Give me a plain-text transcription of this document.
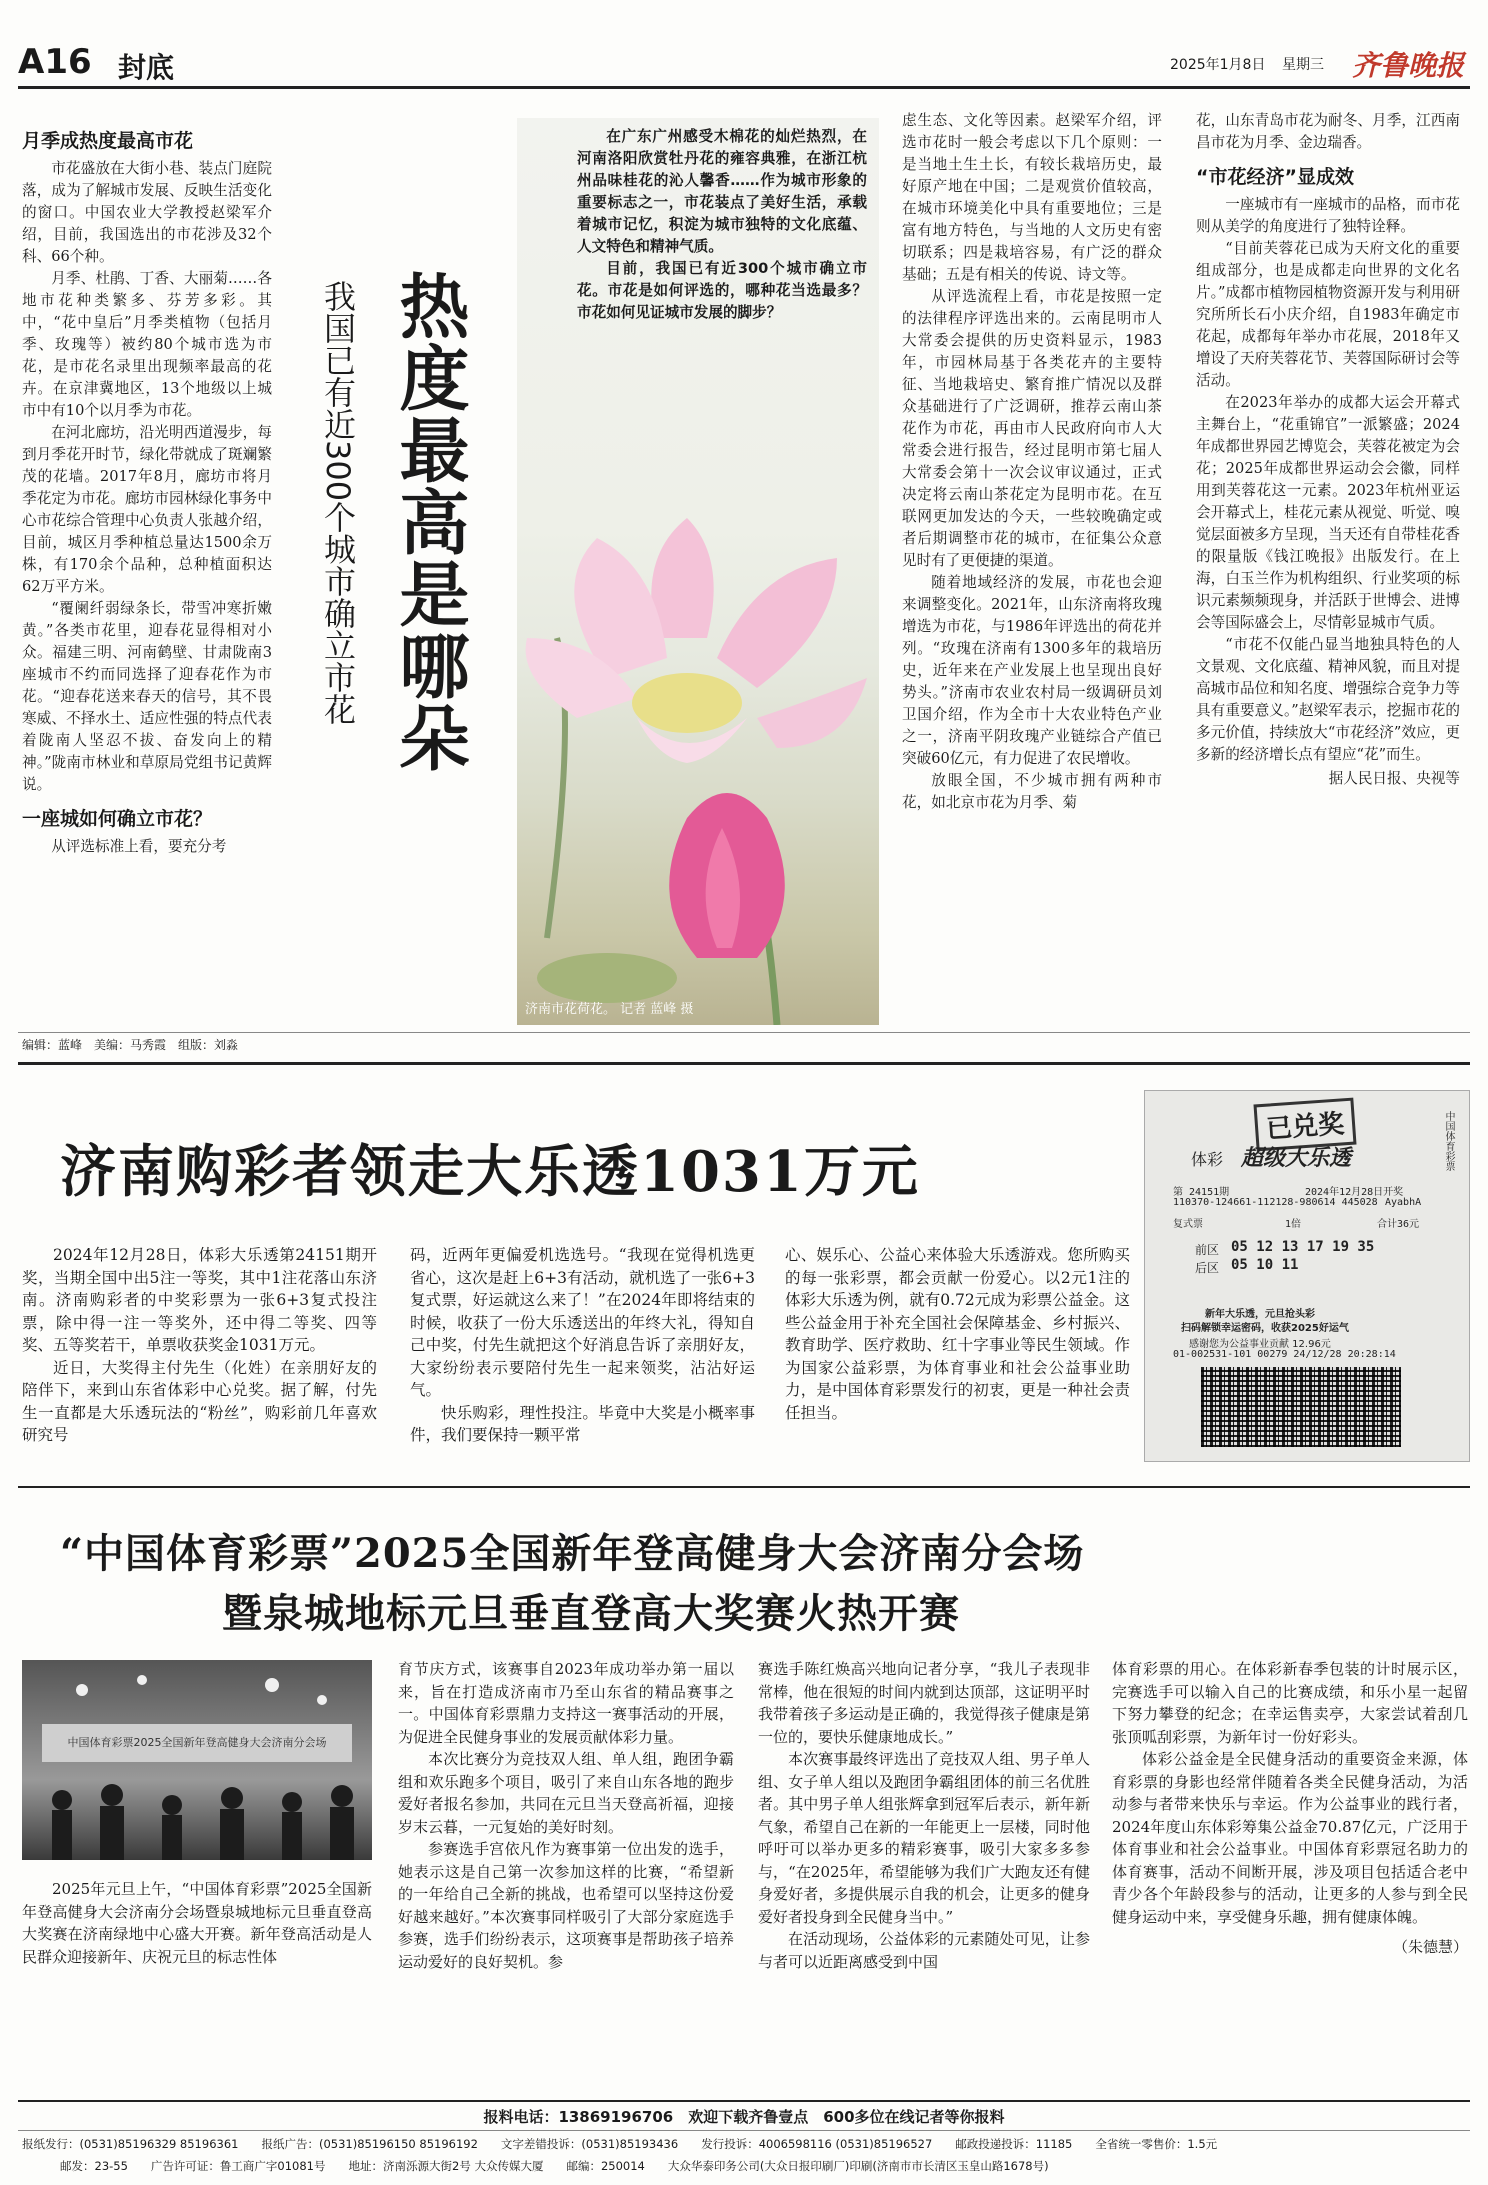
A16 封底	2025年1月8日 星期三 齐鲁晚报
月季成热度最高市花

市花盛放在大街小巷、装点门庭院落，成为了解城市发展、反映生活变化的窗口。中国农业大学教授赵梁军介绍，目前，我国选出的市花涉及32个科、66个种。

月季、杜鹃、丁香、大丽菊……各地市花种类繁多、芬芳多彩。其中，“花中皇后”月季类植物（包括月季、玫瑰等）被约80个城市选为市花，是市花名录里出现频率最高的花卉。在京津冀地区，13个地级以上城市中有10个以月季为市花。

在河北廊坊，沿光明西道漫步，每到月季花开时节，绿化带就成了斑斓繁茂的花墙。2017年8月，廊坊市将月季花定为市花。廊坊市园林绿化事务中心市花综合管理中心负责人张越介绍，目前，城区月季种植总量达1500余万株，有170余个品种，总种植面积达62万平方米。

“覆阑纤弱绿条长，带雪冲寒折嫩黄。”各类市花里，迎春花显得相对小众。福建三明、河南鹤壁、甘肃陇南3座城市不约而同选择了迎春花作为市花。“迎春花送来春天的信号，其不畏寒威、不择水土、适应性强的特点代表着陇南人坚忍不拔、奋发向上的精神。”陇南市林业和草原局党组书记黄辉说。

一座城如何确立市花？

从评选标准上看，要充分考

热度最高是哪朵
我国已有近300个城市确立市花

在广东广州感受木棉花的灿烂热烈，在河南洛阳欣赏牡丹花的雍容典雅，在浙江杭州品味桂花的沁人馨香……作为城市形象的重要标志之一，市花装点了美好生活，承载着城市记忆，积淀为城市独特的文化底蕴、人文特色和精神气质。

目前，我国已有近300个城市确立市花。市花是如何评选的，哪种花当选最多？市花如何见证城市发展的脚步？

济南市花荷花。 记者 蓝峰 摄

虑生态、文化等因素。赵梁军介绍，评选市花时一般会考虑以下几个原则：一是当地土生土长，有较长栽培历史，最好原产地在中国；二是观赏价值较高，在城市环境美化中具有重要地位；三是富有地方特色，与当地的人文历史有密切联系；四是栽培容易，有广泛的群众基础；五是有相关的传说、诗文等。

从评选流程上看，市花是按照一定的法律程序评选出来的。云南昆明市人大常委会提供的历史资料显示，1983年，市园林局基于各类花卉的主要特征、当地栽培史、繁育推广情况以及群众基础进行了广泛调研，推荐云南山茶花作为市花，再由市人民政府向市人大常委会进行报告，经过昆明市第七届人大常委会第十一次会议审议通过，正式决定将云南山茶花定为昆明市花。在互联网更加发达的今天，一些较晚确定或者后期调整市花的城市，在征集公众意见时有了更便捷的渠道。

随着地域经济的发展，市花也会迎来调整变化。2021年，山东济南将玫瑰增选为市花，与1986年评选出的荷花并列。“玫瑰在济南有1300多年的栽培历史，近年来在产业发展上也呈现出良好势头。”济南市农业农村局一级调研员刘卫国介绍，作为全市十大农业特色产业之一，济南平阴玫瑰产业链综合产值已突破60亿元，有力促进了农民增收。

放眼全国，不少城市拥有两种市花，如北京市花为月季、菊

花，山东青岛市花为耐冬、月季，江西南昌市花为月季、金边瑞香。

“市花经济”显成效

一座城市有一座城市的品格，而市花则从美学的角度进行了独特诠释。

“目前芙蓉花已成为天府文化的重要组成部分，也是成都走向世界的文化名片。”成都市植物园植物资源开发与利用研究所所长石小庆介绍，自1983年确定市花起，成都每年举办市花展，2018年又增设了天府芙蓉花节、芙蓉国际研讨会等活动。

在2023年举办的成都大运会开幕式主舞台上，“花重锦官”一派繁盛；2024年成都世界园艺博览会，芙蓉花被定为会花；2025年成都世界运动会会徽，同样用到芙蓉花这一元素。2023年杭州亚运会开幕式上，桂花元素从视觉、听觉、嗅觉层面被多方呈现，当天还有自带桂花香的限量版《钱江晚报》出版发行。在上海，白玉兰作为机构组织、行业奖项的标识元素频频现身，并活跃于世博会、进博会等国际盛会上，尽情彰显城市气质。

“市花不仅能凸显当地独具特色的人文景观、文化底蕴、精神风貌，而且对提高城市品位和知名度、增强综合竞争力等具有重要意义。”赵梁军表示，挖掘市花的多元价值，持续放大“市花经济”效应，更多新的经济增长点有望应“花”而生。

据人民日报、央视等
编辑：蓝峰　美编：马秀霞　组版：刘淼
济南购彩者领走大乐透1031万元

2024年12月28日，体彩大乐透第24151期开奖，当期全国中出5注一等奖，其中1注花落山东济南。济南购彩者的中奖彩票为一张6+3复式投注票，除中得一注一等奖外，还中得二等奖、四等奖、五等奖若干，单票收获奖金1031万元。

近日，大奖得主付先生（化姓）在亲朋好友的陪伴下，来到山东省体彩中心兑奖。据了解，付先生一直都是大乐透玩法的“粉丝”，购彩前几年喜欢研究号

码，近两年更偏爱机选选号。“我现在觉得机选更省心，这次是赶上6+3有活动，就机选了一张6+3复式票，好运就这么来了！”在2024年即将结束的时候，收获了一份大乐透送出的年终大礼，得知自己中奖，付先生就把这个好消息告诉了亲朋好友，大家纷纷表示要陪付先生一起来领奖，沾沾好运气。

快乐购彩，理性投注。毕竟中大奖是小概率事件，我们要保持一颗平常

心、娱乐心、公益心来体验大乐透游戏。您所购买的每一张彩票，都会贡献一份爱心。以2元1注的体彩大乐透为例，就有0.72元成为彩票公益金。这些公益金用于补充全国社会保障基金、乡村振兴、教育助学、医疗救助、红十字事业等民生领域。作为国家公益彩票，为体育事业和社会公益事业助力，是中国体育彩票发行的初衷，更是一种社会责任担当。

已兑奖
体彩 超级大乐透	中国体育彩票
第 24151期	2024年12月28日开奖
110370-124661-112128-980614 445028 AyabhA
复式票	1倍	合计36元
前区 05 12 13 17 19 35
后区 05 10 11
新年大乐透，元旦抢头彩
扫码解锁幸运密码，收获2025好运气
感谢您为公益事业贡献 12.96元
01-002531-101 00279 24/12/28 20:28:14
“中国体育彩票”2025全国新年登高健身大会济南分会场
暨泉城地标元旦垂直登高大奖赛火热开赛
中国体育彩票2025全国新年登高健身大会济南分会场

2025年元旦上午，“中国体育彩票”2025全国新年登高健身大会济南分会场暨泉城地标元旦垂直登高大奖赛在济南绿地中心盛大开赛。新年登高活动是人民群众迎接新年、庆祝元旦的标志性体

育节庆方式，该赛事自2023年成功举办第一届以来，旨在打造成济南市乃至山东省的精品赛事之一。中国体育彩票鼎力支持这一赛事活动的开展，为促进全民健身事业的发展贡献体彩力量。

本次比赛分为竞技双人组、单人组，跑团争霸组和欢乐跑多个项目，吸引了来自山东各地的跑步爱好者报名参加，共同在元旦当天登高祈福，迎接岁末云暮，一元复始的美好时刻。

参赛选手宫依凡作为赛事第一位出发的选手，她表示这是自己第一次参加这样的比赛，“希望新的一年给自己全新的挑战，也希望可以坚持这份爱好越来越好。”本次赛事同样吸引了大部分家庭选手参赛，选手们纷纷表示，这项赛事是帮助孩子培养运动爱好的良好契机。参

赛选手陈红焕高兴地向记者分享，“我儿子表现非常棒，他在很短的时间内就到达顶部，这证明平时我带着孩子多运动是正确的，我觉得孩子健康是第一位的，要快乐健康地成长。”

本次赛事最终评选出了竞技双人组、男子单人组、女子单人组以及跑团争霸组团体的前三名优胜者。其中男子单人组张辉拿到冠军后表示，新年新气象，希望自己在新的一年能更上一层楼，同时他呼吁可以举办更多的精彩赛事，吸引大家多多参与，“在2025年，希望能够为我们广大跑友还有健身爱好者，多提供展示自我的机会，让更多的健身爱好者投身到全民健身当中。”

在活动现场，公益体彩的元素随处可见，让参与者可以近距离感受到中国

体育彩票的用心。在体彩新春季包装的计时展示区，完赛选手可以输入自己的比赛成绩，和乐小星一起留下努力攀登的纪念；在幸运售卖亭，大家尝试着刮几张顶呱刮彩票，为新年讨一份好彩头。

体彩公益金是全民健身活动的重要资金来源，体育彩票的身影也经常伴随着各类全民健身活动，为活动参与者带来快乐与幸运。作为公益事业的践行者，2024年度山东体彩筹集公益金70.87亿元，广泛用于体育事业和社会公益事业。中国体育彩票冠名助力的体育赛事，活动不间断开展，涉及项目包括适合老中青少各个年龄段参与的活动，让更多的人参与到全民健身运动中来，享受健身乐趣，拥有健康体魄。

（朱德慧）
报料电话：13869196706　欢迎下载齐鲁壹点　600多位在线记者等你报料
报纸发行：(0531)85196329 85196361　　报纸广告：(0531)85196150 85196192　　文字差错投诉：(0531)85193436　　发行投诉：4006598116 (0531)85196527　　邮政投递投诉：11185　　全省统一零售价：1.5元
邮发：23-55　　广告许可证：鲁工商广字01081号　　地址：济南泺源大街2号 大众传媒大厦　　邮编：250014　　大众华泰印务公司(大众日报印刷厂)印刷(济南市市长清区玉皇山路1678号)
